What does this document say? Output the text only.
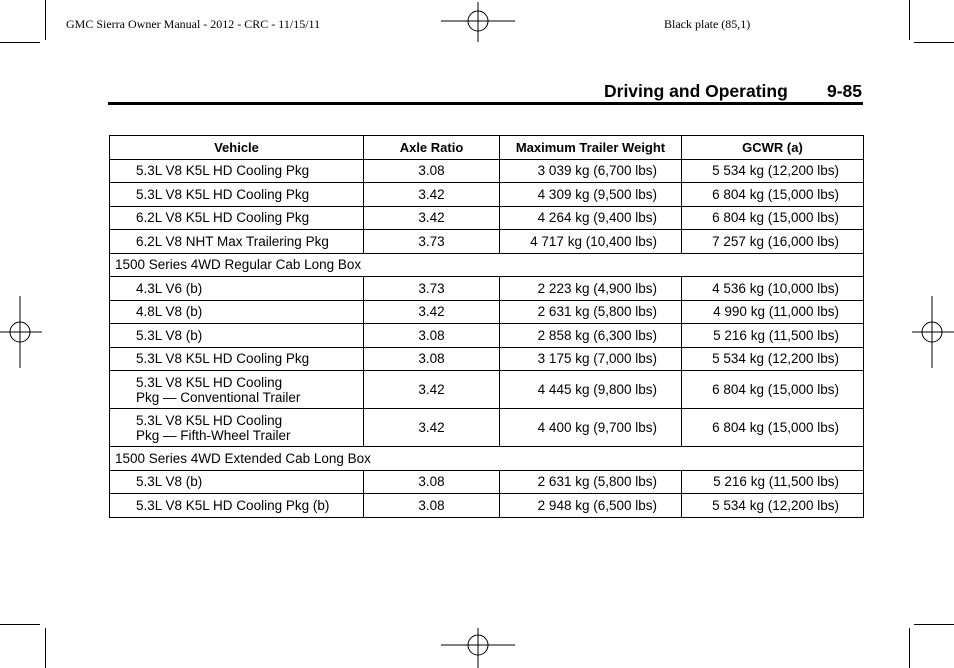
GMC Sierra Owner Manual - 2012 - CRC - 11/15/11	Black plate (85,1)
Driving and Operating 9-85
Vehicle	Axle Ratio	Maximum Trailer Weight	GCWR (a)
5.3L V8 K5L HD Cooling Pkg	3.08	3 039 kg (6,700 lbs)	5 534 kg (12,200 lbs)
5.3L V8 K5L HD Cooling Pkg	3.42	4 309 kg (9,500 lbs)	6 804 kg (15,000 lbs)
6.2L V8 K5L HD Cooling Pkg	3.42	4 264 kg (9,400 lbs)	6 804 kg (15,000 lbs)
6.2L V8 NHT Max Trailering Pkg	3.73	4 717 kg (10,400 lbs)	7 257 kg (16,000 lbs)
1500 Series 4WD Regular Cab Long Box			
4.3L V6 (b)	3.73	2 223 kg (4,900 lbs)	4 536 kg (10,000 lbs)
4.8L V8 (b)	3.42	2 631 kg (5,800 lbs)	4 990 kg (11,000 lbs)
5.3L V8 (b)	3.08	2 858 kg (6,300 lbs)	5 216 kg (11,500 lbs)
5.3L V8 K5L HD Cooling Pkg	3.08	3 175 kg (7,000 lbs)	5 534 kg (12,200 lbs)

5.3L V8 K5L HD Cooling
Pkg — Conventional Trailer	3.42	4 445 kg (9,800 lbs)	6 804 kg (15,000 lbs)

5.3L V8 K5L HD Cooling
Pkg — Fifth-Wheel Trailer	3.42	4 400 kg (9,700 lbs)	6 804 kg (15,000 lbs)
1500 Series 4WD Extended Cab Long Box			
5.3L V8 (b)	3.08	2 631 kg (5,800 lbs)	5 216 kg (11,500 lbs)
5.3L V8 K5L HD Cooling Pkg (b)	3.08	2 948 kg (6,500 lbs)	5 534 kg (12,200 lbs)
